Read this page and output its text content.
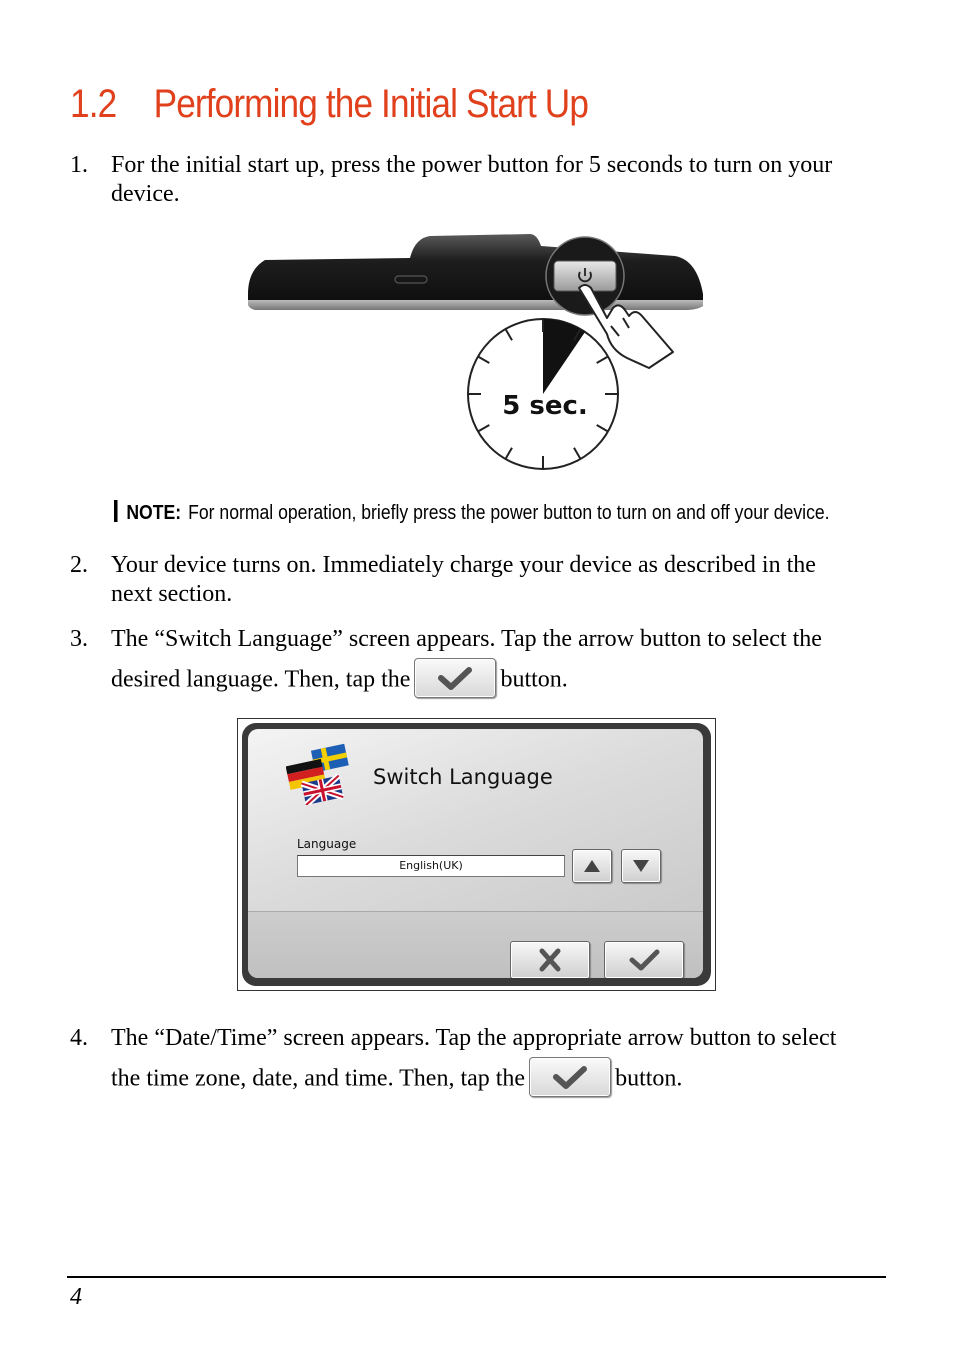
1.2 Performing the Initial Start Up
1. For the initial start up, press the power button for 5 seconds to turn on your
device.
5 sec.
NOTE: For normal operation, briefly press the power button to turn on and off your device.
2. Your device turns on. Immediately charge your device as described in the
next section.
3. The “Switch Language” screen appears. Tap the arrow button to select the
desired language. Then, tap the	button.
Switch Language
Language
English(UK)
4. The “Date/Time” screen appears. Tap the appropriate arrow button to select
the time zone, date, and time. Then, tap the	button.
4
